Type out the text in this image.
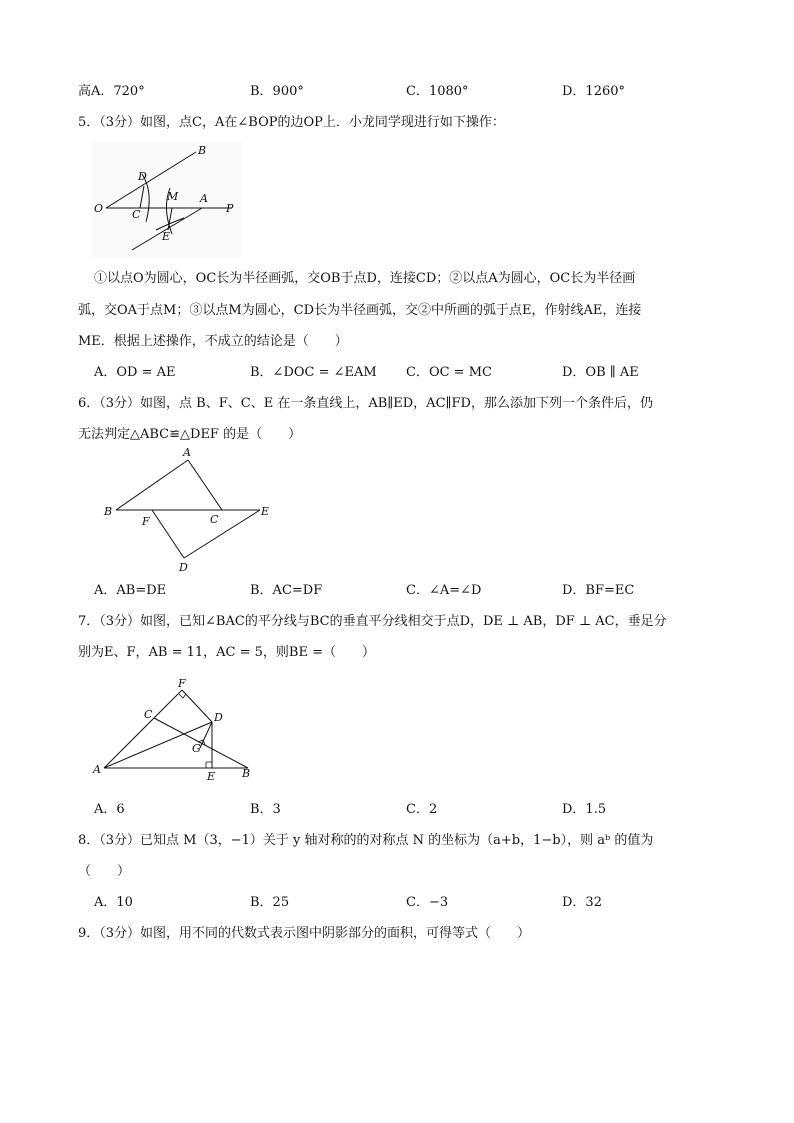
高A．720°	B．900°	C．1080°	D．1260°
5．（3分）如图，点C，A在∠BOP的边OP上．小龙同学现进行如下操作：
B
D
M A
P
O	C
E
①以点O为圆心，OC长为半径画弧，交OB于点D，连接CD；②以点A为圆心，OC长为半径画
弧，交OA于点M；③以点M为圆心，CD长为半径画弧，交②中所画的弧于点E，作射线AE，连接
ME．根据上述操作，不成立的结论是（　　）
A．OD = AE	B．∠DOC = ∠EAM C．OC = MC	D．OB ∥ AE
6．（3分）如图，点 B、F、C、E 在一条直线上，AB∥ED，AC∥FD，那么添加下列一个条件后，仍
无法判定△ABC≌△DEF 的是（　　）
A
B
F	C
E
D
A．AB=DE	B．AC=DF	C．∠A=∠D	D．BF=EC
7．（3分）如图，已知∠BAC的平分线与BC的垂直平分线相交于点D，DE ⊥ AB，DF ⊥ AC，垂足分
别为E、F，AB = 11，AC = 5，则BE =（　　）
F
C	D
G
A
E B
A．6	B．3	C．2	D．1.5
8．（3分）已知点 M（3，−1）关于 y 轴对称的的对称点 N 的坐标为（a+b，1−b），则 aᵇ 的值为
（　　）
A．10	B．25	C．−3	D．32
9．（3分）如图，用不同的代数式表示图中阴影部分的面积，可得等式（　　）
